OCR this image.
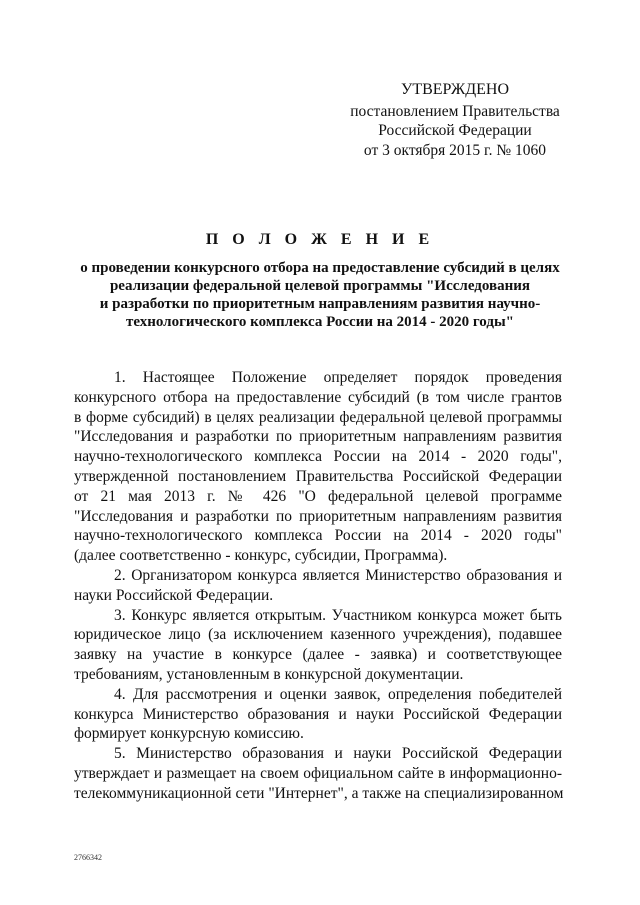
УТВЕРЖДЕНО
постановлением Правительства
Российской Федерации
от 3 октября 2015 г. № 1060
П О Л О Ж Е Н И Е
о проведении конкурсного отбора на предоставление субсидий в целях
реализации федеральной целевой программы "Исследования
и разработки по приоритетным направлениям развития научно-
технологического комплекса России на 2014 - 2020 годы"
1. Настоящее Положение определяет порядок проведения
конкурсного отбора на предоставление субсидий (в том числе грантов
в форме субсидий) в целях реализации федеральной целевой программы
"Исследования и разработки по приоритетным направлениям развития
научно-технологического комплекса России на 2014 - 2020 годы",
утвержденной постановлением Правительства Российской Федерации
от 21 мая 2013 г. № 426 "О федеральной целевой программе
"Исследования и разработки по приоритетным направлениям развития
научно-технологического комплекса России на 2014 - 2020 годы"
(далее соответственно - конкурс, субсидии, Программа).
2. Организатором конкурса является Министерство образования и
науки Российской Федерации.
3. Конкурс является открытым. Участником конкурса может быть
юридическое лицо (за исключением казенного учреждения), подавшее
заявку на участие в конкурсе (далее - заявка) и соответствующее
требованиям, установленным в конкурсной документации.
4. Для рассмотрения и оценки заявок, определения победителей
конкурса Министерство образования и науки Российской Федерации
формирует конкурсную комиссию.
5. Министерство образования и науки Российской Федерации
утверждает и размещает на своем официальном сайте в информационно-
телекоммуникационной сети "Интернет", а также на специализированном
2766342
